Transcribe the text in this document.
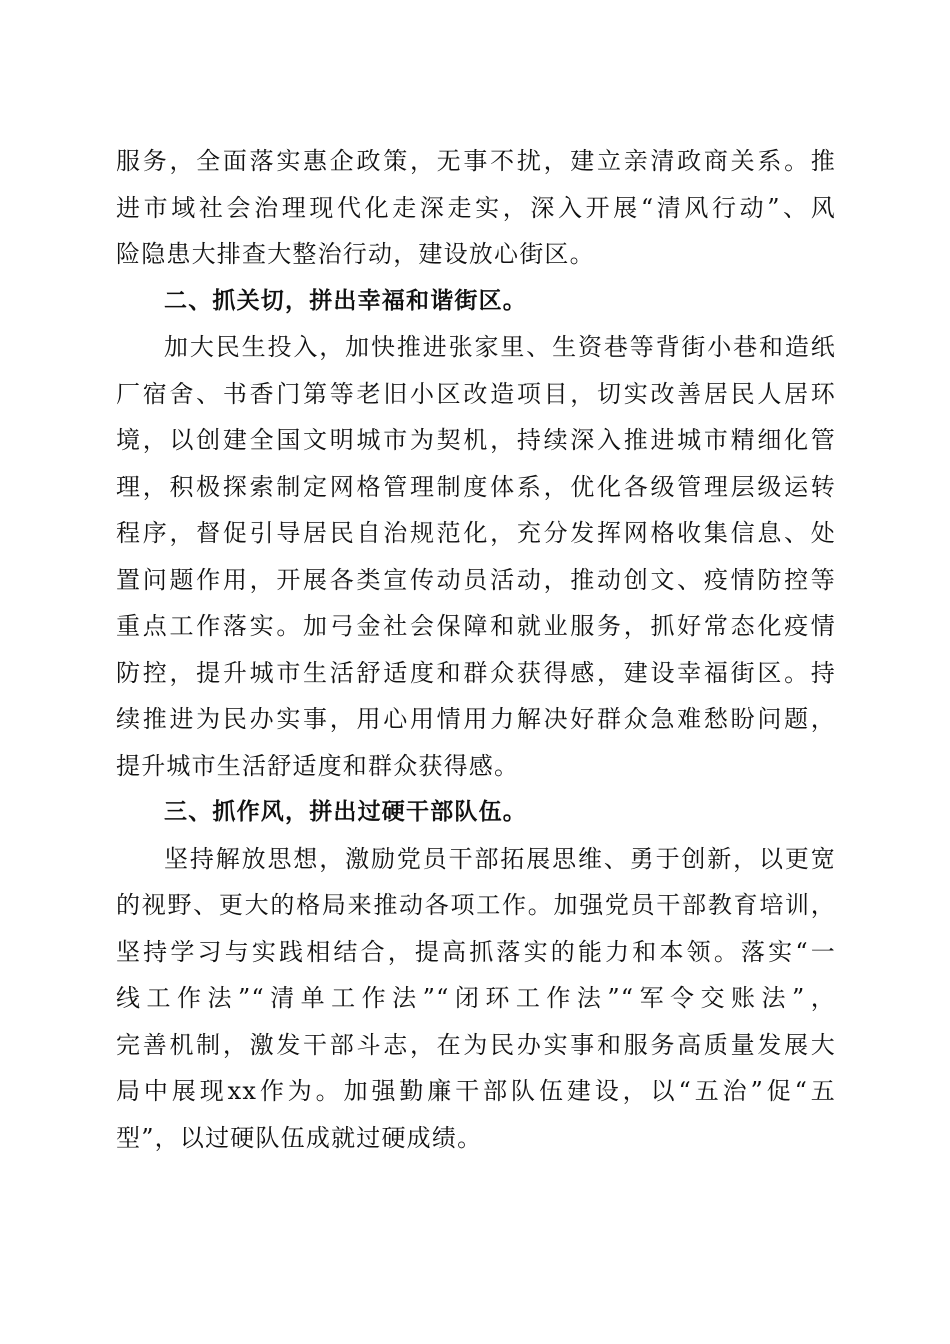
服务，全面落实惠企政策，无事不扰，建立亲清政商关系。推
进市域社会治理现代化走深走实，深入开展“清风行动”、风
险隐患大排查大整治行动，建设放心街区。
二、抓关切，拼出幸福和谐街区。
加大民生投入，加快推进张家里、生资巷等背街小巷和造纸
厂宿舍、书香门第等老旧小区改造项目，切实改善居民人居环
境，以创建全国文明城市为契机，持续深入推进城市精细化管
理，积极探索制定网格管理制度体系，优化各级管理层级运转
程序，督促引导居民自治规范化，充分发挥网格收集信息、处
置问题作用，开展各类宣传动员活动，推动创文、疫情防控等
重点工作落实。加弓金社会保障和就业服务，抓好常态化疫情
防控，提升城市生活舒适度和群众获得感，建设幸福街区。持
续推进为民办实事，用心用情用力解决好群众急难愁盼问题，
提升城市生活舒适度和群众获得感。
三、抓作风，拼出过硬干部队伍。
坚持解放思想，激励党员干部拓展思维、勇于创新，以更宽
的视野、更大的格局来推动各项工作。加强党员干部教育培训，
坚持学习与实践相结合，提高抓落实的能力和本领。落实“一
线工作法”“清单工作法”“闭环工作法”“军令交账法”，
完善机制，激发干部斗志，在为民办实事和服务高质量发展大
局中展现xx作为。加强勤廉干部队伍建设，以“五治”促“五
型”，以过硬队伍成就过硬成绩。
